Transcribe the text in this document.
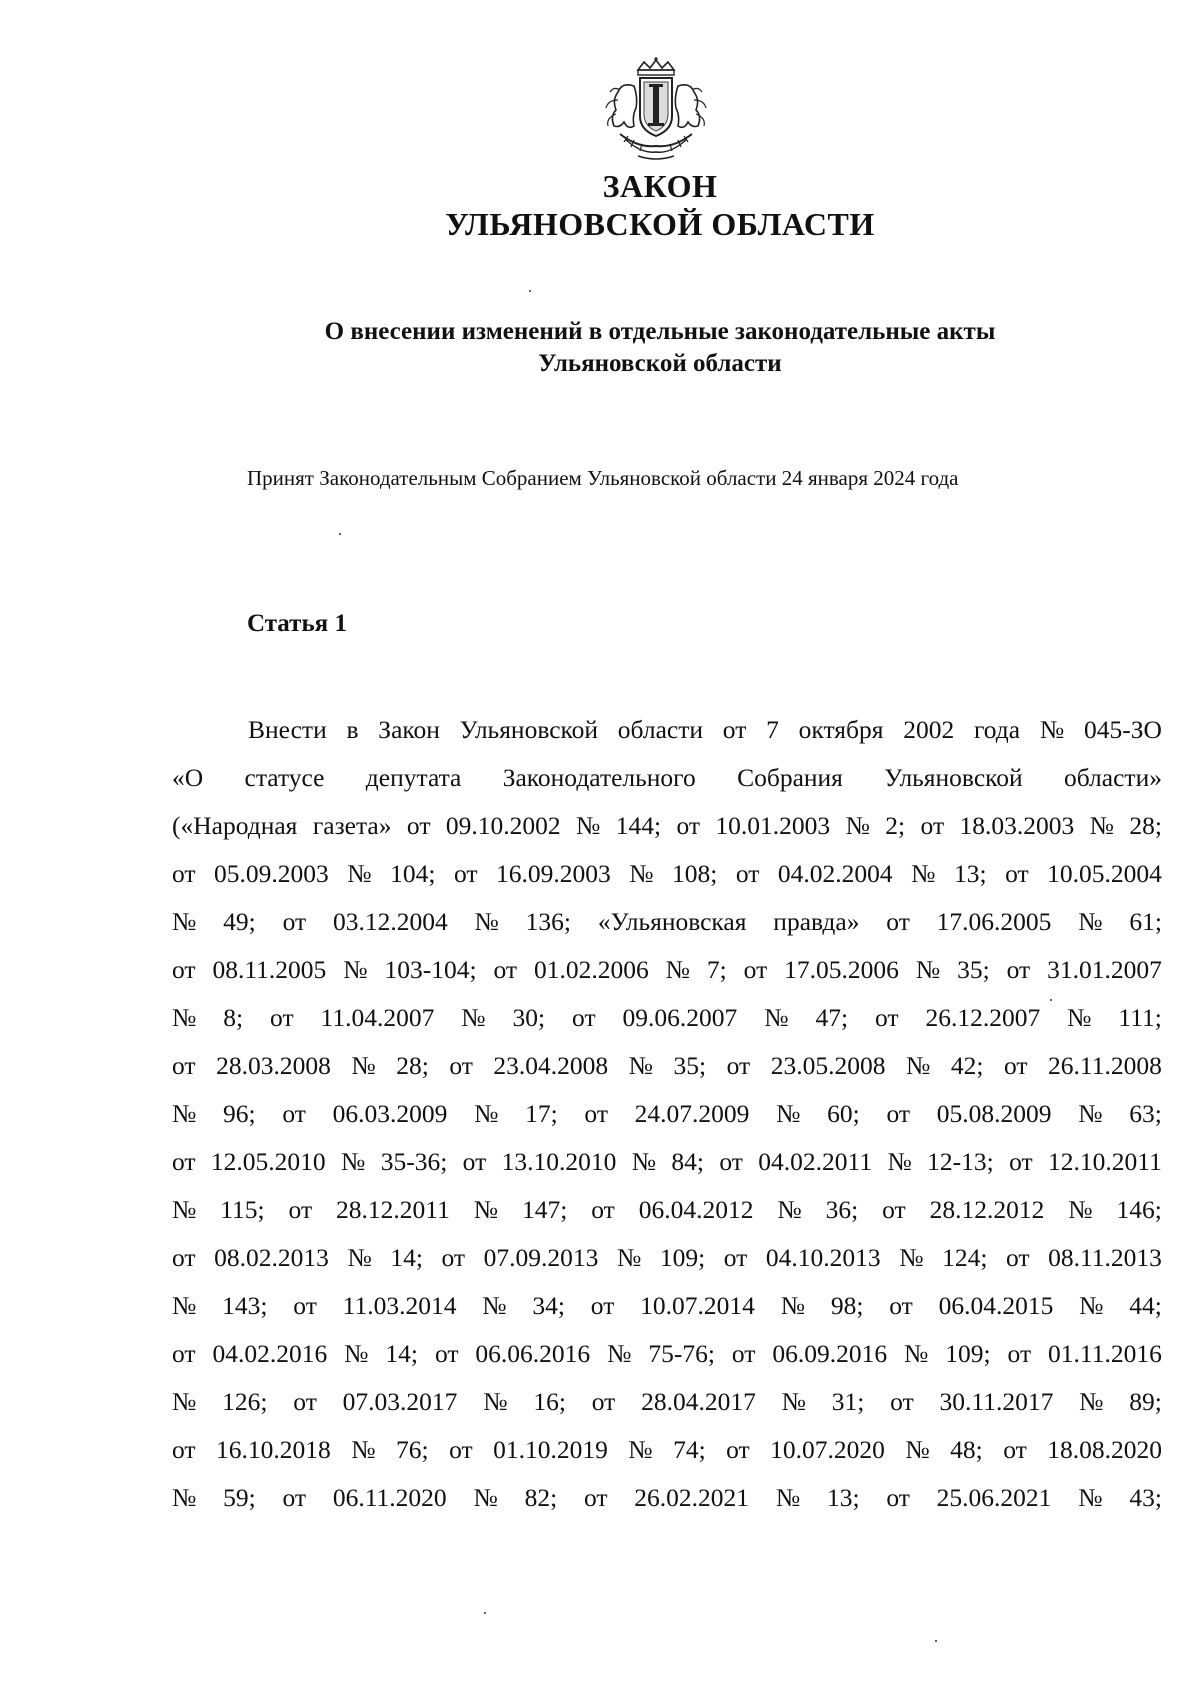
ЗАКОН
УЛЬЯНОВСКОЙ ОБЛАСТИ
О внесении изменений в отдельные законодательные акты
Ульяновской области
Принят Законодательным Собранием Ульяновской области 24 января 2024 года
Статья 1
Внести в Закон Ульяновской области от 7 октября 2002 года № 045-ЗО
«О статусе депутата Законодательного Собрания Ульяновской области»
(«Народная газета» от 09.10.2002 № 144; от 10.01.2003 № 2; от 18.03.2003 № 28;
от 05.09.2003 № 104; от 16.09.2003 № 108; от 04.02.2004 № 13; от 10.05.2004
№ 49; от 03.12.2004 № 136; «Ульяновская правда» от 17.06.2005 № 61;
от 08.11.2005 № 103-104; от 01.02.2006 № 7; от 17.05.2006 № 35; от 31.01.2007
№ 8; от 11.04.2007 № 30; от 09.06.2007 № 47; от 26.12.2007 № 111;
от 28.03.2008 № 28; от 23.04.2008 № 35; от 23.05.2008 № 42; от 26.11.2008
№ 96; от 06.03.2009 № 17; от 24.07.2009 № 60; от 05.08.2009 № 63;
от 12.05.2010 № 35-36; от 13.10.2010 № 84; от 04.02.2011 № 12-13; от 12.10.2011
№ 115; от 28.12.2011 № 147; от 06.04.2012 № 36; от 28.12.2012 № 146;
от 08.02.2013 № 14; от 07.09.2013 № 109; от 04.10.2013 № 124; от 08.11.2013
№ 143; от 11.03.2014 № 34; от 10.07.2014 № 98; от 06.04.2015 № 44;
от 04.02.2016 № 14; от 06.06.2016 № 75-76; от 06.09.2016 № 109; от 01.11.2016
№ 126; от 07.03.2017 № 16; от 28.04.2017 № 31; от 30.11.2017 № 89;
от 16.10.2018 № 76; от 01.10.2019 № 74; от 10.07.2020 № 48; от 18.08.2020
№ 59; от 06.11.2020 № 82; от 26.02.2021 № 13; от 25.06.2021 № 43;
